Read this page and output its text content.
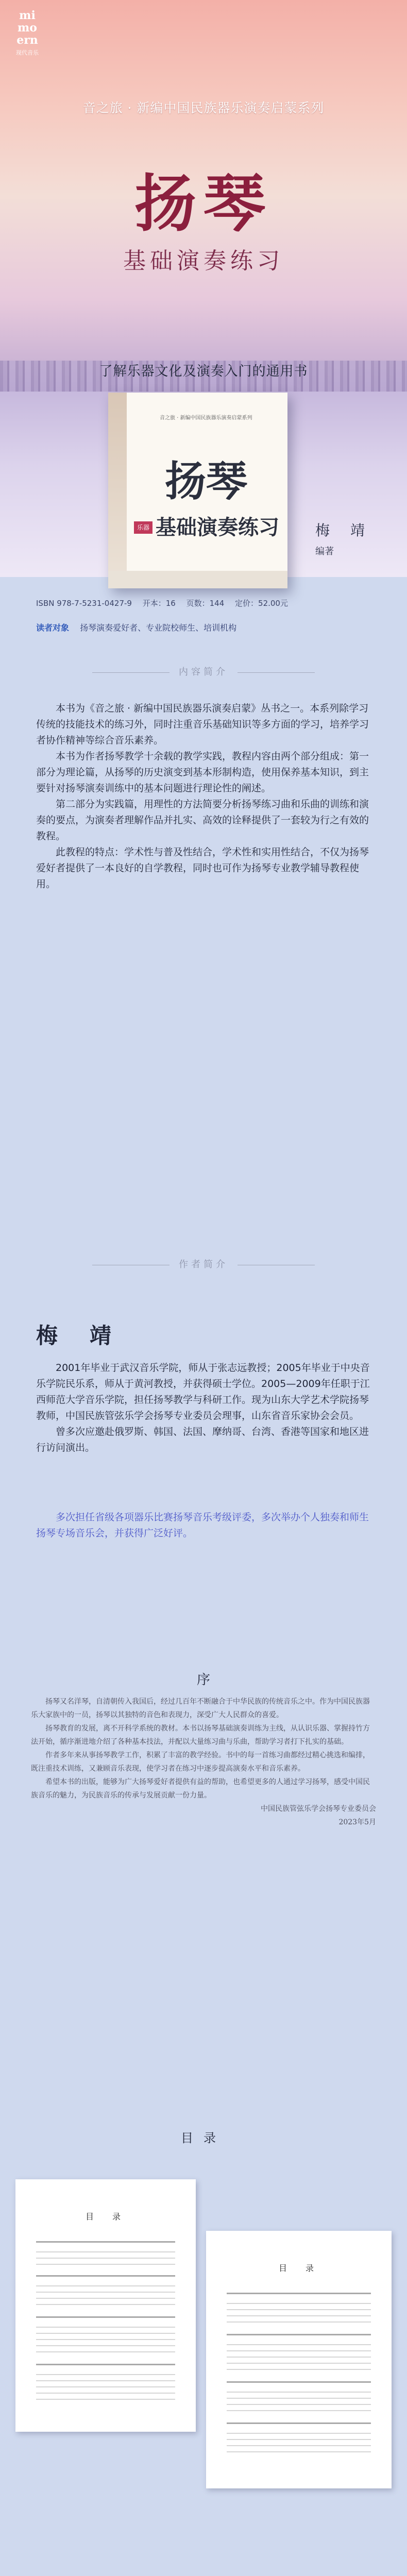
mi
mo
ern
现代音乐
音之旅 · 新编中国民族器乐演奏启蒙系列
扬琴
基础演奏练习
了解乐器文化及演奏入门的通用书
音之旅 · 新编中国民族器乐演奏启蒙系列
扬琴
乐器 基础演奏练习	梅　靖
编著
ISBN 978-7-5231-0427-9 开本：16 页数：144 定价：52.00元
读者对象 扬琴演奏爱好者、专业院校师生、培训机构
内容简介

本书为《音之旅 · 新编中国民族器乐演奏启蒙》丛书之一。本系列除学习传统的技能技术的练习外，同时注重音乐基础知识等多方面的学习，培养学习者协作精神等综合音乐素养。

本书为作者扬琴教学十余载的教学实践，教程内容由两个部分组成：第一部分为理论篇，从扬琴的历史演变到基本形制构造，使用保养基本知识，到主要针对扬琴演奏训练中的基本问题进行理论性的阐述。

第二部分为实践篇，用理性的方法简要分析扬琴练习曲和乐曲的训练和演奏的要点，为演奏者理解作品并扎实、高效的诠释提供了一套较为行之有效的教程。

此教程的特点：学术性与普及性结合，学术性和实用性结合，不仅为扬琴爱好者提供了一本良好的自学教程，同时也可作为扬琴专业教学辅导教程使用。

作者简介
梅　靖

2001年毕业于武汉音乐学院，师从于张志远教授；2005年毕业于中央音乐学院民乐系，师从于黄河教授，并获得硕士学位。2005—2009年任职于江西师范大学音乐学院，担任扬琴教学与科研工作。现为山东大学艺术学院扬琴教师，中国民族管弦乐学会扬琴专业委员会理事，山东省音乐家协会会员。

曾多次应邀赴俄罗斯、韩国、法国、摩纳哥、台湾、香港等国家和地区进行访问演出。

多次担任省级各项器乐比赛扬琴音乐考级评委，多次举办个人独奏和师生扬琴专场音乐会，并获得广泛好评。
序

扬琴又名洋琴，自清朝传入我国后，经过几百年不断融合于中华民族的传统音乐之中。作为中国民族器乐大家族中的一员，扬琴以其独特的音色和表现力，深受广大人民群众的喜爱。

扬琴教育的发展，离不开科学系统的教材。本书以扬琴基础演奏训练为主线，从认识乐器、掌握持竹方法开始，循序渐进地介绍了各种基本技法，并配以大量练习曲与乐曲，帮助学习者打下扎实的基础。

作者多年来从事扬琴教学工作，积累了丰富的教学经验。书中的每一首练习曲都经过精心挑选和编排，既注重技术训练，又兼顾音乐表现，使学习者在练习中逐步提高演奏水平和音乐素养。

希望本书的出版，能够为广大扬琴爱好者提供有益的帮助，也希望更多的人通过学习扬琴，感受中国民族音乐的魅力，为民族音乐的传承与发展贡献一份力量。

中国民族管弦乐学会扬琴专业委员会

2023年5月

目录
目　录
目　录
